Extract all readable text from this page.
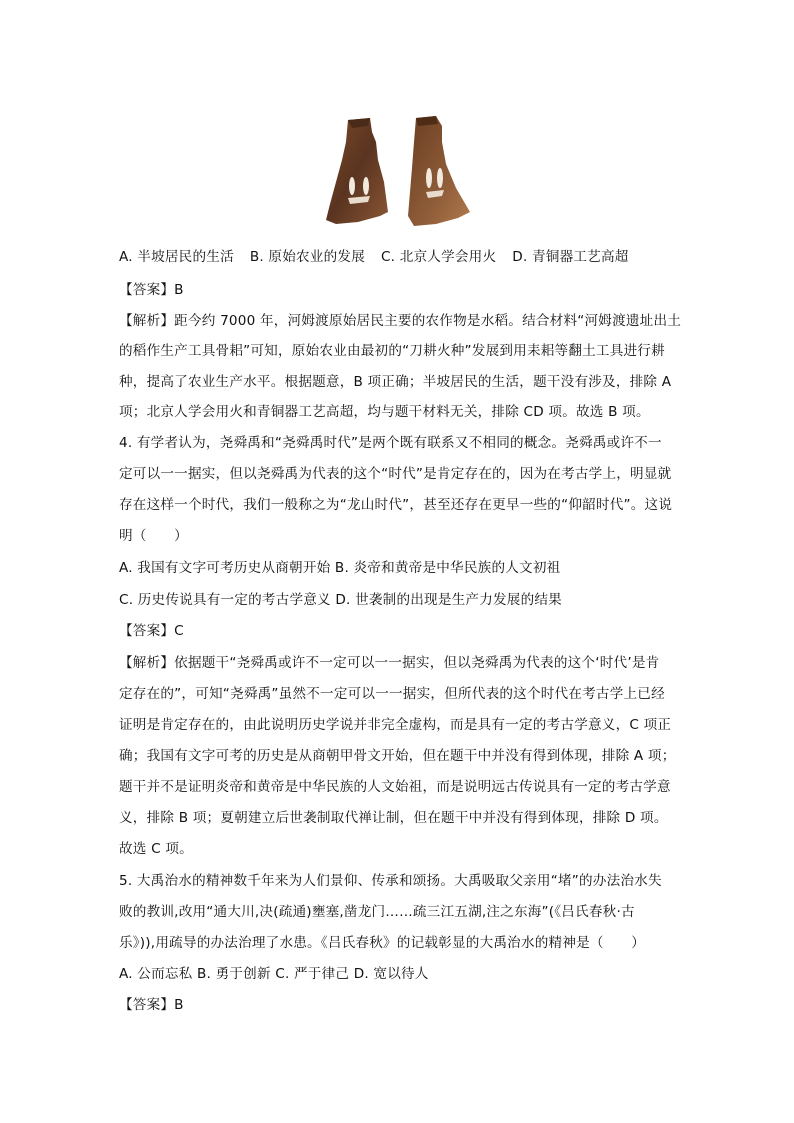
A. 半坡居民的生活 B. 原始农业的发展 C. 北京人学会用火 D. 青铜器工艺高超
【答案】B
【解析】距今约 7000 年，河姆渡原始居民主要的农作物是水稻。结合材料“河姆渡遗址出土
的稻作生产工具骨耜”可知，原始农业由最初的“刀耕火种”发展到用耒耜等翻土工具进行耕
种，提高了农业生产水平。根据题意，B 项正确；半坡居民的生活，题干没有涉及，排除 A
项；北京人学会用火和青铜器工艺高超，均与题干材料无关，排除 CD 项。故选 B 项。
4. 有学者认为，尧舜禹和“尧舜禹时代”是两个既有联系又不相同的概念。尧舜禹或许不一
定可以一一据实，但以尧舜禹为代表的这个“时代”是肯定存在的，因为在考古学上，明显就
存在这样一个时代，我们一般称之为“龙山时代”，甚至还存在更早一些的“仰韶时代”。这说
明（　　）
A. 我国有文字可考历史从商朝开始 B. 炎帝和黄帝是中华民族的人文初祖
C. 历史传说具有一定的考古学意义 D. 世袭制的出现是生产力发展的结果
【答案】C
【解析】依据题干“尧舜禹或许不一定可以一一据实，但以尧舜禹为代表的这个‘时代’是肯
定存在的”，可知“尧舜禹”虽然不一定可以一一据实，但所代表的这个时代在考古学上已经
证明是肯定存在的，由此说明历史学说并非完全虚构，而是具有一定的考古学意义，C 项正
确；我国有文字可考的历史是从商朝甲骨文开始，但在题干中并没有得到体现，排除 A 项；
题干并不是证明炎帝和黄帝是中华民族的人文始祖，而是说明远古传说具有一定的考古学意
义，排除 B 项；夏朝建立后世袭制取代禅让制，但在题干中并没有得到体现，排除 D 项。
故选 C 项。
5. 大禹治水的精神数千年来为人们景仰、传承和颂扬。大禹吸取父亲用“堵”的办法治水失
败的教训,改用“通大川,决(疏通)壅塞,凿龙门……疏三江五湖,注之东海”(《吕氏春秋·古
乐》)),用疏导的办法治理了水患。《吕氏春秋》的记载彰显的大禹治水的精神是（　　）
A. 公而忘私 B. 勇于创新 C. 严于律己 D. 宽以待人
【答案】B
